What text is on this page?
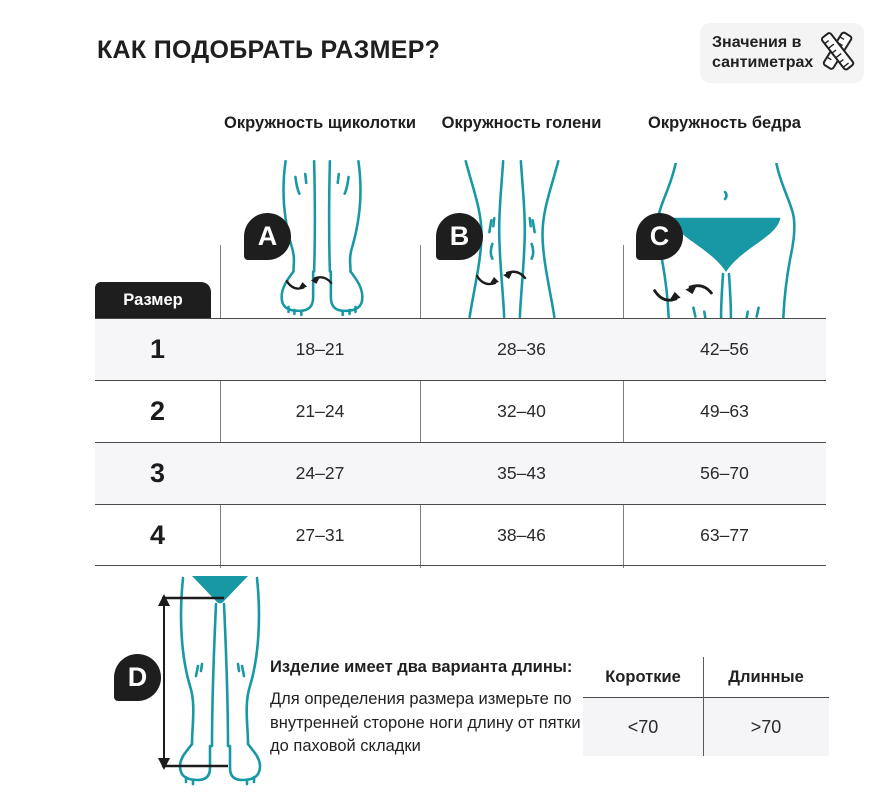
КАК ПОДОБРАТЬ РАЗМЕР?	Значения в сантиметрах
Окружность щиколотки	Окружность голени	Окружность бедра
A	B	C
Размер
1	18–21	28–36	42–56
2	21–24	32–40	49–63
3	24–27	35–43	56–70
4	27–31	38–46	63–77
D	Изделие имеет два варианта длины:
Для определения размера измерьте по внутренней стороне ноги длину от пятки до паховой складки
Короткие	Длинные
<70	>70
